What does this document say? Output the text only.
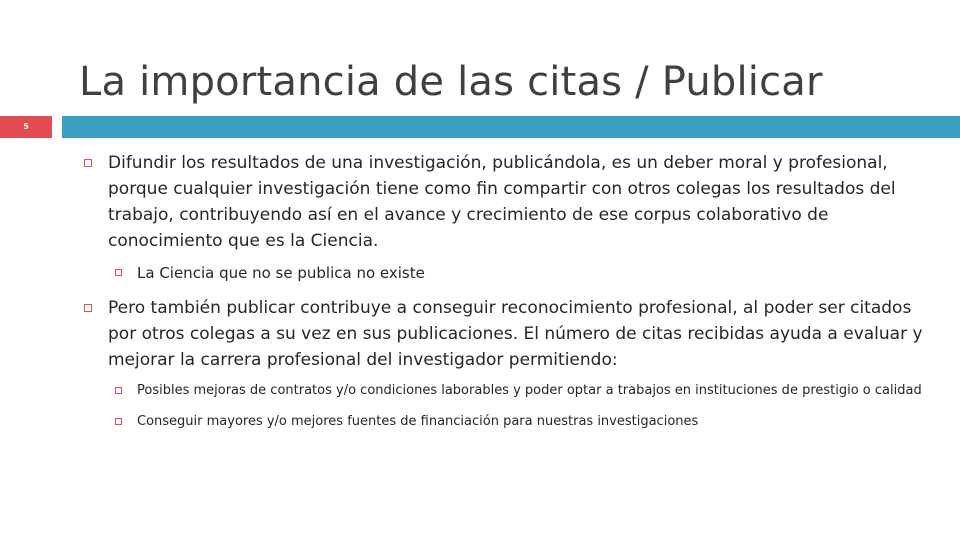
La importancia de las citas / Publicar
5
Difundir los resultados de una investigación, publicándola, es un deber moral y profesional, porque cualquier investigación tiene como fin compartir con otros colegas los resultados del trabajo, contribuyendo así en el avance y crecimiento de ese corpus colaborativo de conocimiento que es la Ciencia.
La Ciencia que no se publica no existe
Pero también publicar contribuye a conseguir reconocimiento profesional, al poder ser citados por otros colegas a su vez en sus publicaciones. El número de citas recibidas ayuda a evaluar y mejorar la carrera profesional del investigador permitiendo:
Posibles mejoras de contratos y/o condiciones laborables y poder optar a trabajos en instituciones de prestigio o calidad
Conseguir mayores y/o mejores fuentes de financiación para nuestras investigaciones
